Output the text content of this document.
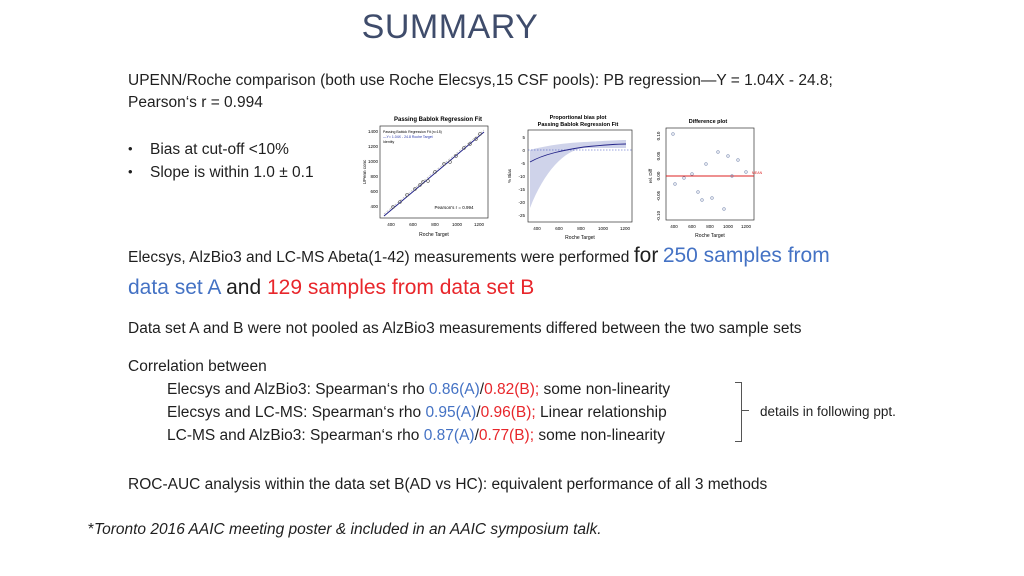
SUMMARY
UPENN/Roche comparison (both use Roche Elecsys,15 CSF pools): PB regression—Y = 1.04X - 24.8;
Pearson‘s r = 0.994
• Bias at cut-off <10%
• Slope is within 1.0 ± 0.1
Passing Bablok Regression Fit
Passing Bablok Regression Fit (n=15)
—Y= 1.04X - 24.8 Roche Target
Identity
Pearson's r = 0.994
400	600	800	1000	1200
Roche Target
400
600
800
1000
1200
1400
UPenn conc
Proportional bias plot
Passing Bablok Regression Fit
400	600	800	1000	1200
Roche Target
5
0
-5
-10
-15
-20
-25
% Bias
Difference plot
MEAN
400 600 800 1000 1200
Roche Target
0.10
0.05
0.00
-0.05
-0.10
rel. Diff
Elecsys, AlzBio3 and LC-MS Abeta(1-42) measurements were performed for 250 samples from
data set A and 129 samples from data set B
Data set A and B were not pooled as AlzBio3 measurements differed between the two sample sets
Correlation between
Elecsys and AlzBio3: Spearman‘s rho 0.86(A)/0.82(B); some non-linearity
Elecsys and LC-MS: Spearman‘s rho 0.95(A)/0.96(B); Linear relationship
LC-MS and AlzBio3: Spearman‘s rho 0.87(A)/0.77(B); some non-linearity
details in following ppt.
ROC-AUC analysis within the data set B(AD vs HC): equivalent performance of all 3 methods
*Toronto 2016 AAIC meeting poster & included in an AAIC symposium talk.
